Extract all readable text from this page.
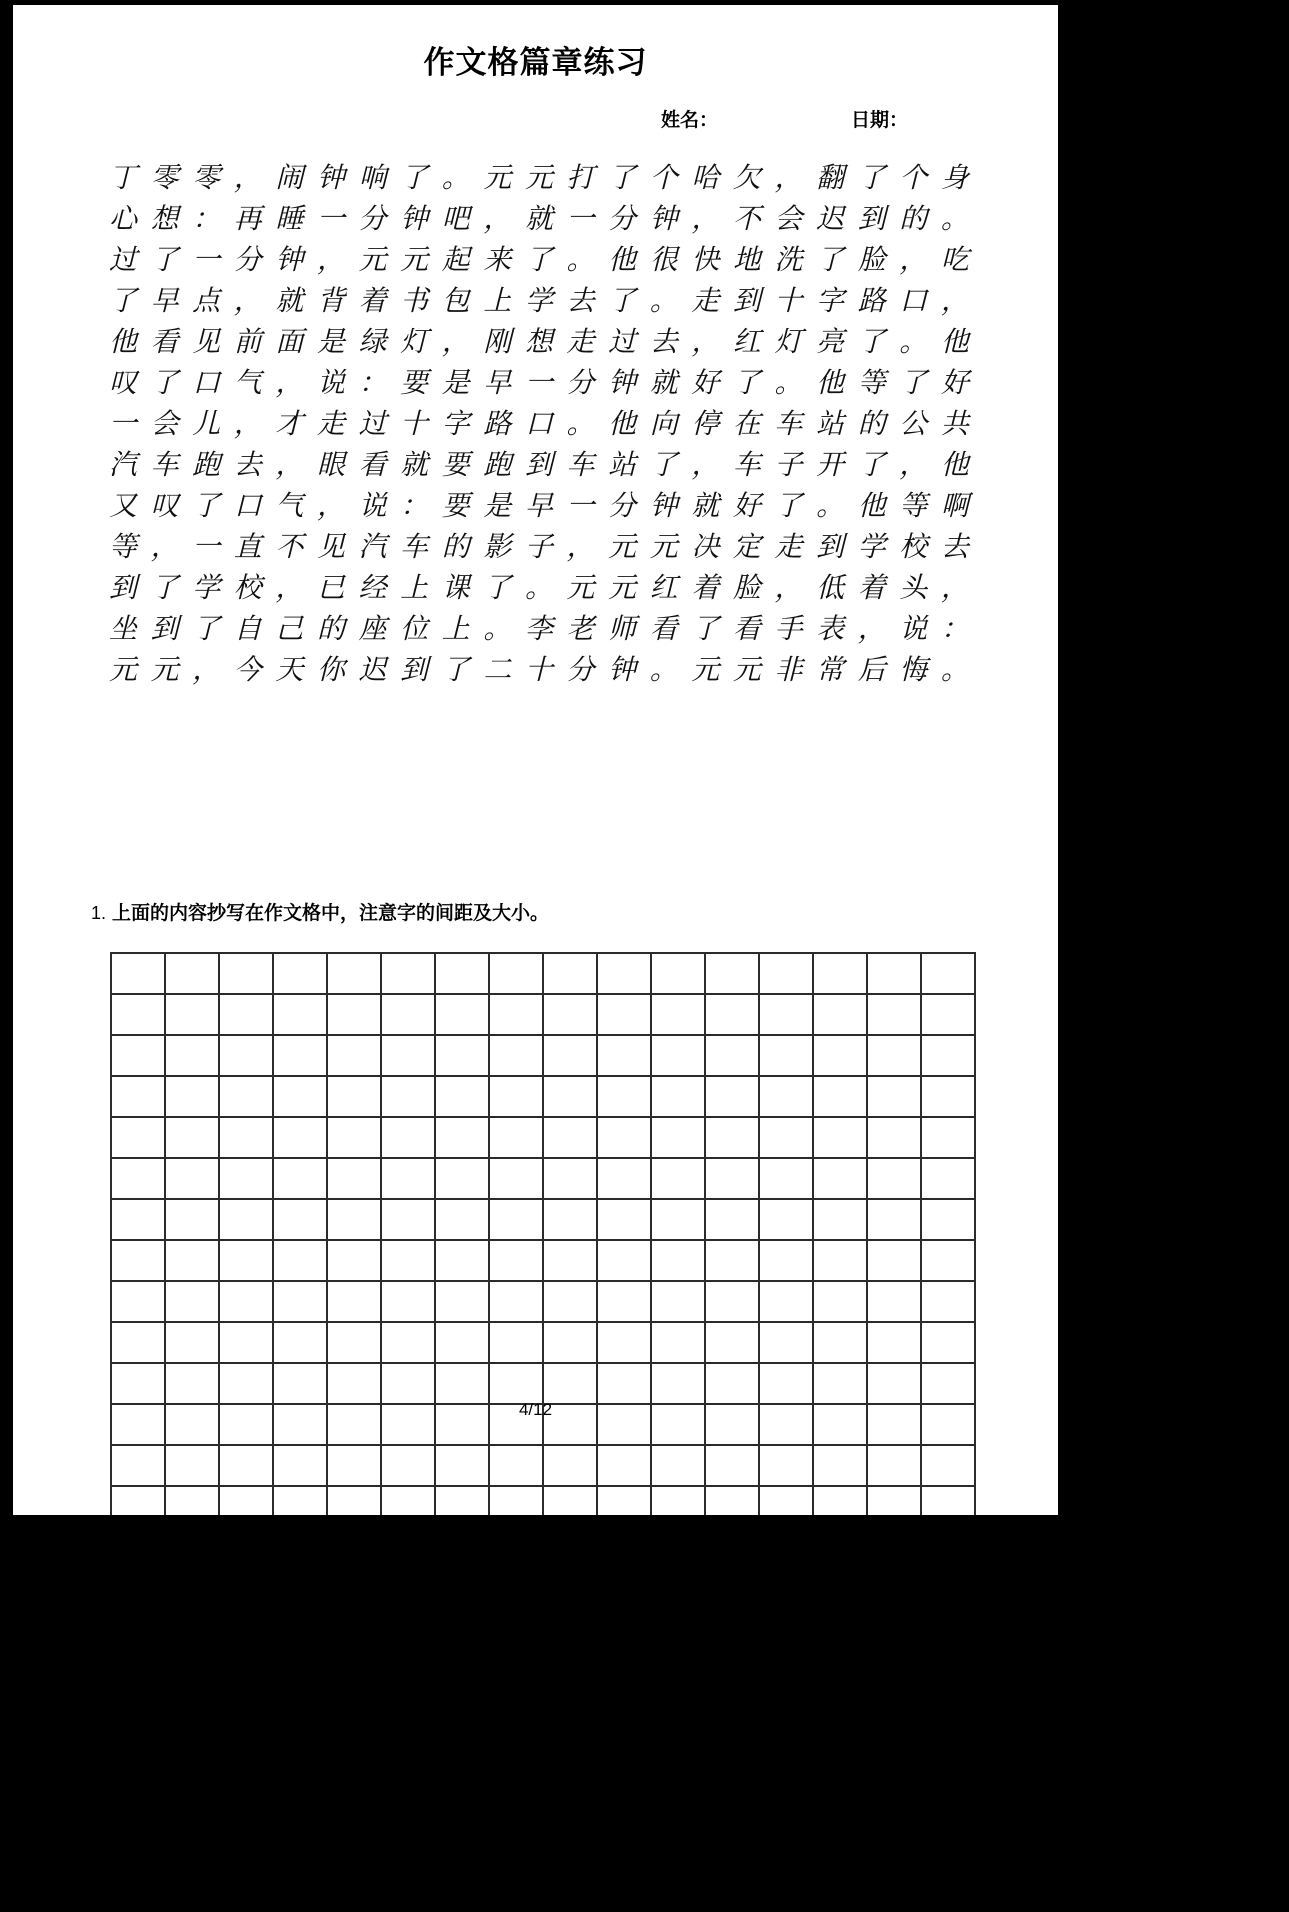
作文格篇章练习
姓名：	日期：
丁 零 零 ， 闹 钟 响 了 。 元 元 打 了 个 哈 欠 ， 翻 了 个 身
心 想 ： 再 睡 一 分 钟 吧 ， 就 一 分 钟 ， 不 会 迟 到 的 。
过 了 一 分 钟 ， 元 元 起 来 了 。 他 很 快 地 洗 了 脸 ， 吃
了 早 点 ， 就 背 着 书 包 上 学 去 了 。 走 到 十 字 路 口 ，
他 看 见 前 面 是 绿 灯 ， 刚 想 走 过 去 ， 红 灯 亮 了 。 他
叹 了 口 气 ， 说 ： 要 是 早 一 分 钟 就 好 了 。 他 等 了 好
一 会 儿 ， 才 走 过 十 字 路 口 。 他 向 停 在 车 站 的 公 共
汽 车 跑 去 ， 眼 看 就 要 跑 到 车 站 了 ， 车 子 开 了 ， 他
又 叹 了 口 气 ， 说 ： 要 是 早 一 分 钟 就 好 了 。 他 等 啊
等 ， 一 直 不 见 汽 车 的 影 子 ， 元 元 决 定 走 到 学 校 去
到 了 学 校 ， 已 经 上 课 了 。 元 元 红 着 脸 ， 低 着 头 ，
坐 到 了 自 己 的 座 位 上 。 李 老 师 看 了 看 手 表 ， 说 ：
元 元 ， 今 天 你 迟 到 了 二 十 分 钟 。 元 元 非 常 后 悔 。
1. 上面的内容抄写在作文格中，注意字的间距及大小。
4/12
